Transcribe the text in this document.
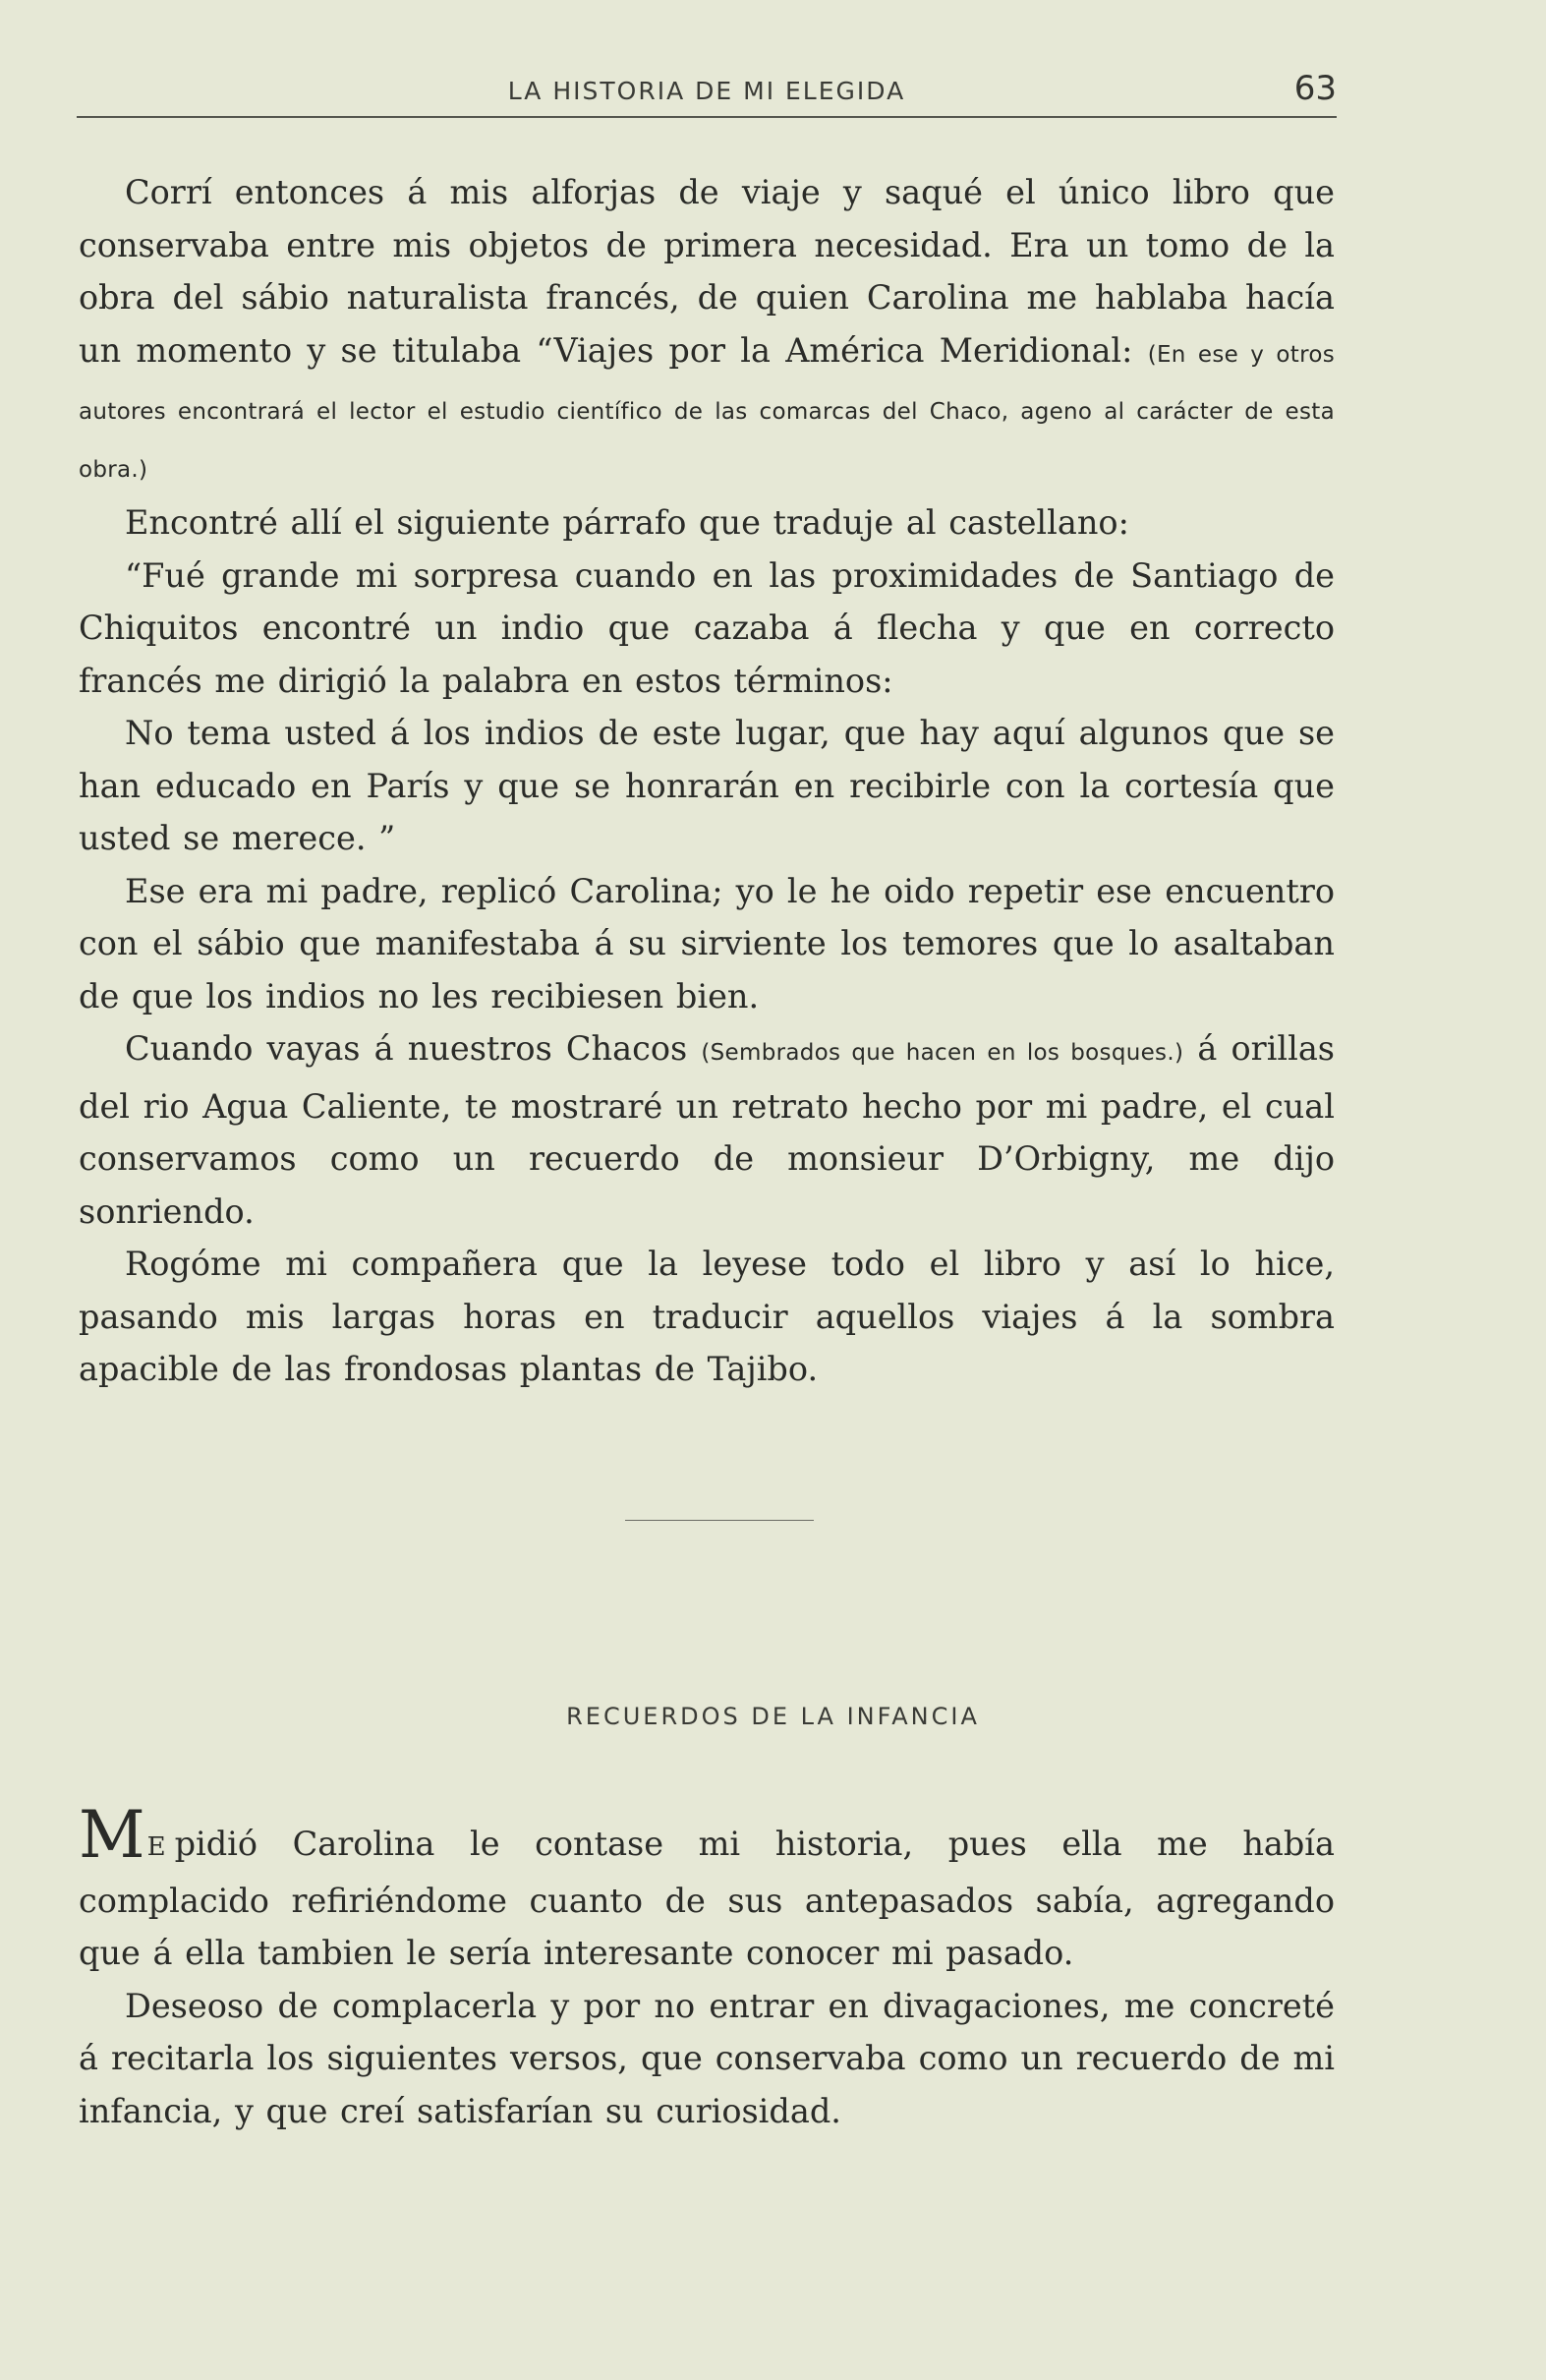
LA HISTORIA DE MI ELEGIDA	63

Corrí entonces á mis alforjas de viaje y saqué el único libro que conservaba entre mis objetos de primera necesidad. Era un tomo de la obra del sábio naturalista francés, de quien Carolina me hablaba hacía un momento y se titulaba “Viajes por la América Meridional: (En ese y otros autores encontrará el lector el estudio científico de las comarcas del Chaco, ageno al carácter de esta obra.)

Encontré allí el siguiente párrafo que traduje al castellano:

“Fué grande mi sorpresa cuando en las proximidades de Santiago de Chiquitos encontré un indio que cazaba á flecha y que en correcto francés me dirigió la palabra en estos términos:

No tema usted á los indios de este lugar, que hay aquí algunos que se han educado en París y que se honrarán en recibirle con la cortesía que usted se merece. ”

Ese era mi padre, replicó Carolina; yo le he oido repetir ese encuentro con el sábio que manifestaba á su sirviente los temores que lo asaltaban de que los indios no les recibiesen bien.

Cuando vayas á nuestros Chacos (Sembrados que hacen en los bosques.) á orillas del rio Agua Caliente, te mostraré un retrato hecho por mi padre, el cual conservamos como un recuerdo de monsieur D’Orbigny, me dijo sonriendo.

Rogóme mi compañera que la leyese todo el libro y así lo hice, pasando mis largas horas en traducir aquellos viajes á la sombra apacible de las frondosas plantas de Tajibo.

RECUERDOS DE LA INFANCIA

ME pidió Carolina le contase mi historia, pues ella me había complacido refiriéndome cuanto de sus antepasados sabía, agregando que á ella tambien le sería interesante conocer mi pasado.

Deseoso de complacerla y por no entrar en divagaciones, me concreté á recitarla los siguientes versos, que conservaba como un recuerdo de mi infancia, y que creí satisfarían su curiosidad.
